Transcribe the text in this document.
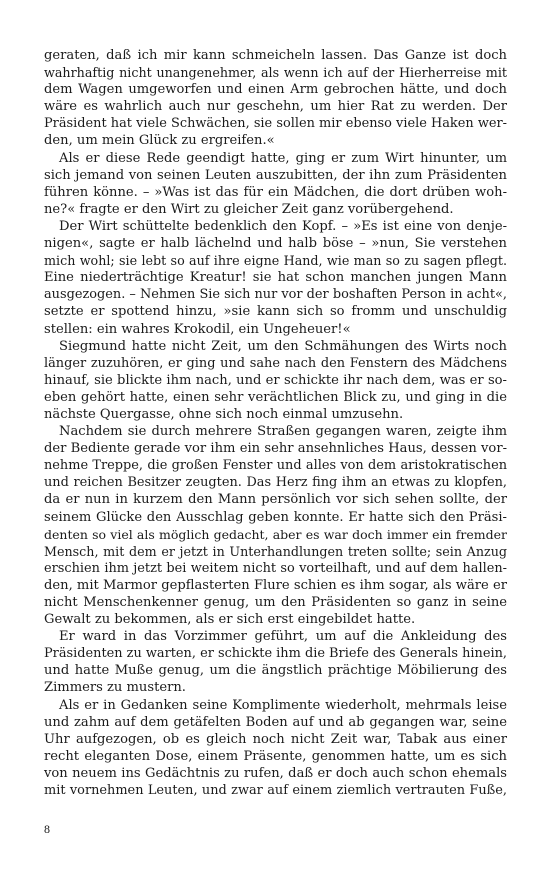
geraten, daß ich mir kann schmeicheln lassen. Das Ganze ist doch
wahrhaftig nicht unangenehmer, als wenn ich auf der Hierherreise mit
dem Wagen umgeworfen und einen Arm gebrochen hätte, und doch
wäre es wahrlich auch nur geschehn, um hier Rat zu werden. Der
Präsident hat viele Schwächen, sie sollen mir ebenso viele Haken wer-
den, um mein Glück zu ergreifen.«
Als er diese Rede geendigt hatte, ging er zum Wirt hinunter, um
sich jemand von seinen Leuten auszubitten, der ihn zum Präsidenten
führen könne. – »Was ist das für ein Mädchen, die dort drüben woh-
ne?« fragte er den Wirt zu gleicher Zeit ganz vorübergehend.
Der Wirt schüttelte bedenklich den Kopf. – »Es ist eine von denje-
nigen«, sagte er halb lächelnd und halb böse – »nun, Sie verstehen
mich wohl; sie lebt so auf ihre eigne Hand, wie man so zu sagen pflegt.
Eine niederträchtige Kreatur! sie hat schon manchen jungen Mann
ausgezogen. – Nehmen Sie sich nur vor der boshaften Person in acht«,
setzte er spottend hinzu, »sie kann sich so fromm und unschuldig
stellen: ein wahres Krokodil, ein Ungeheuer!«
Siegmund hatte nicht Zeit, um den Schmähungen des Wirts noch
länger zuzuhören, er ging und sahe nach den Fenstern des Mädchens
hinauf, sie blickte ihm nach, und er schickte ihr nach dem, was er so-
eben gehört hatte, einen sehr verächtlichen Blick zu, und ging in die
nächste Quergasse, ohne sich noch einmal umzusehn.
Nachdem sie durch mehrere Straßen gegangen waren, zeigte ihm
der Bediente gerade vor ihm ein sehr ansehnliches Haus, dessen vor-
nehme Treppe, die großen Fenster und alles von dem aristokratischen
und reichen Besitzer zeugten. Das Herz fing ihm an etwas zu klopfen,
da er nun in kurzem den Mann persönlich vor sich sehen sollte, der
seinem Glücke den Ausschlag geben konnte. Er hatte sich den Präsi-
denten so viel als möglich gedacht, aber es war doch immer ein fremder
Mensch, mit dem er jetzt in Unterhandlungen treten sollte; sein Anzug
erschien ihm jetzt bei weitem nicht so vorteilhaft, und auf dem hallen-
den, mit Marmor gepflasterten Flure schien es ihm sogar, als wäre er
nicht Menschenkenner genug, um den Präsidenten so ganz in seine
Gewalt zu bekommen, als er sich erst eingebildet hatte.
Er ward in das Vorzimmer geführt, um auf die Ankleidung des
Präsidenten zu warten, er schickte ihm die Briefe des Generals hinein,
und hatte Muße genug, um die ängstlich prächtige Möbilierung des
Zimmers zu mustern.
Als er in Gedanken seine Komplimente wiederholt, mehrmals leise
und zahm auf dem getäfelten Boden auf und ab gegangen war, seine
Uhr aufgezogen, ob es gleich noch nicht Zeit war, Tabak aus einer
recht eleganten Dose, einem Präsente, genommen hatte, um es sich
von neuem ins Gedächtnis zu rufen, daß er doch auch schon ehemals
mit vornehmen Leuten, und zwar auf einem ziemlich vertrauten Fuße,
8
